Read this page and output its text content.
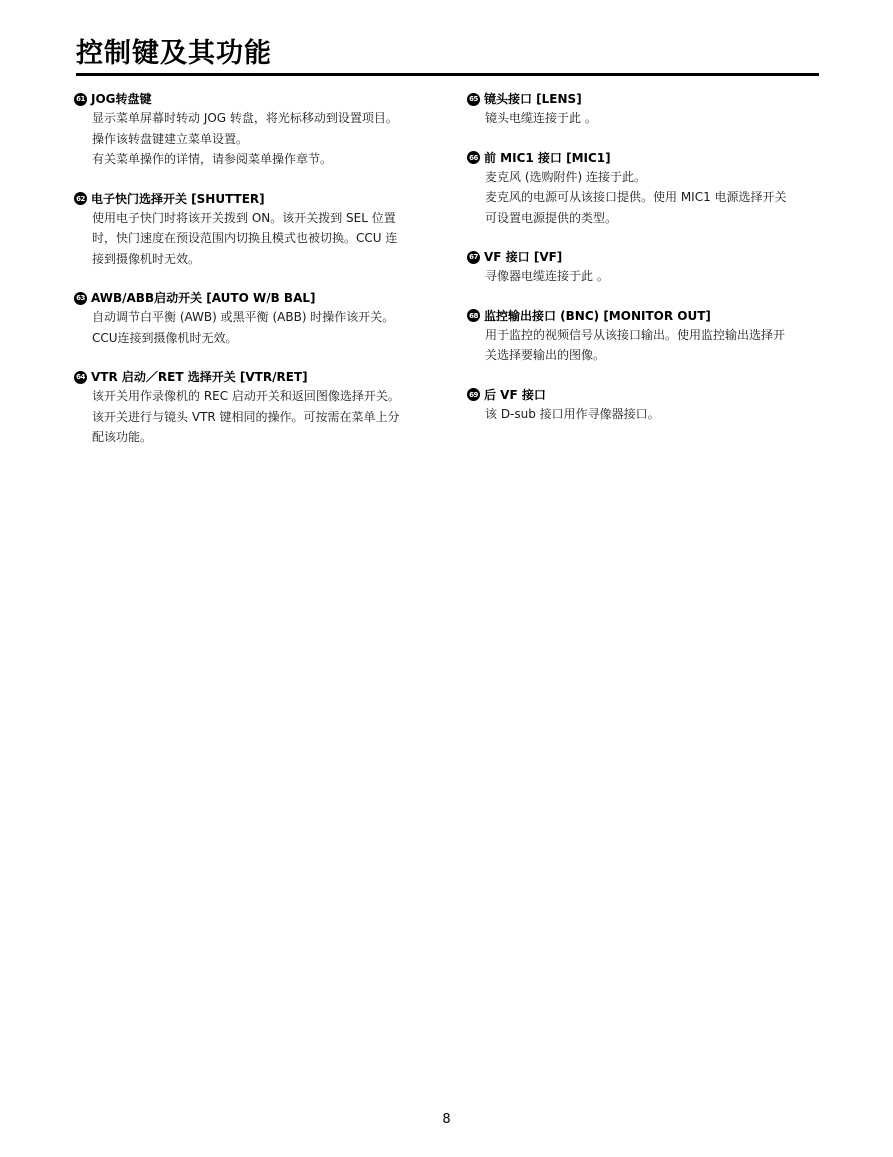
控制键及其功能
61 JOG转盘键
显示菜单屏幕时转动 JOG 转盘，将光标移动到设置项目。
操作该转盘键建立菜单设置。
有关菜单操作的详情，请参阅菜单操作章节。
62 电子快门选择开关 [SHUTTER]
使用电子快门时将该开关拨到 ON。该开关拨到 SEL 位置
时，快门速度在预设范围内切换且模式也被切换。CCU 连
接到摄像机时无效。
63 AWB/ABB启动开关 [AUTO W/B BAL]
自动调节白平衡 (AWB) 或黑平衡 (ABB) 时操作该开关。
CCU连接到摄像机时无效。
64 VTR 启动／RET 选择开关 [VTR/RET]
该开关用作录像机的 REC 启动开关和返回图像选择开关。
该开关进行与镜头 VTR 键相同的操作。可按需在菜单上分
配该功能。
65 镜头接口 [LENS]
镜头电缆连接于此 。
66 前 MIC1 接口 [MIC1]
麦克风 (选购附件) 连接于此。
麦克风的电源可从该接口提供。使用 MIC1 电源选择开关
可设置电源提供的类型。
67 VF 接口 [VF]
寻像器电缆连接于此 。
68 监控输出接口 (BNC) [MONITOR OUT]
用于监控的视频信号从该接口输出。使用监控输出选择开
关选择要输出的图像。
69 后 VF 接口
该 D-sub 接口用作寻像器接口。
8
